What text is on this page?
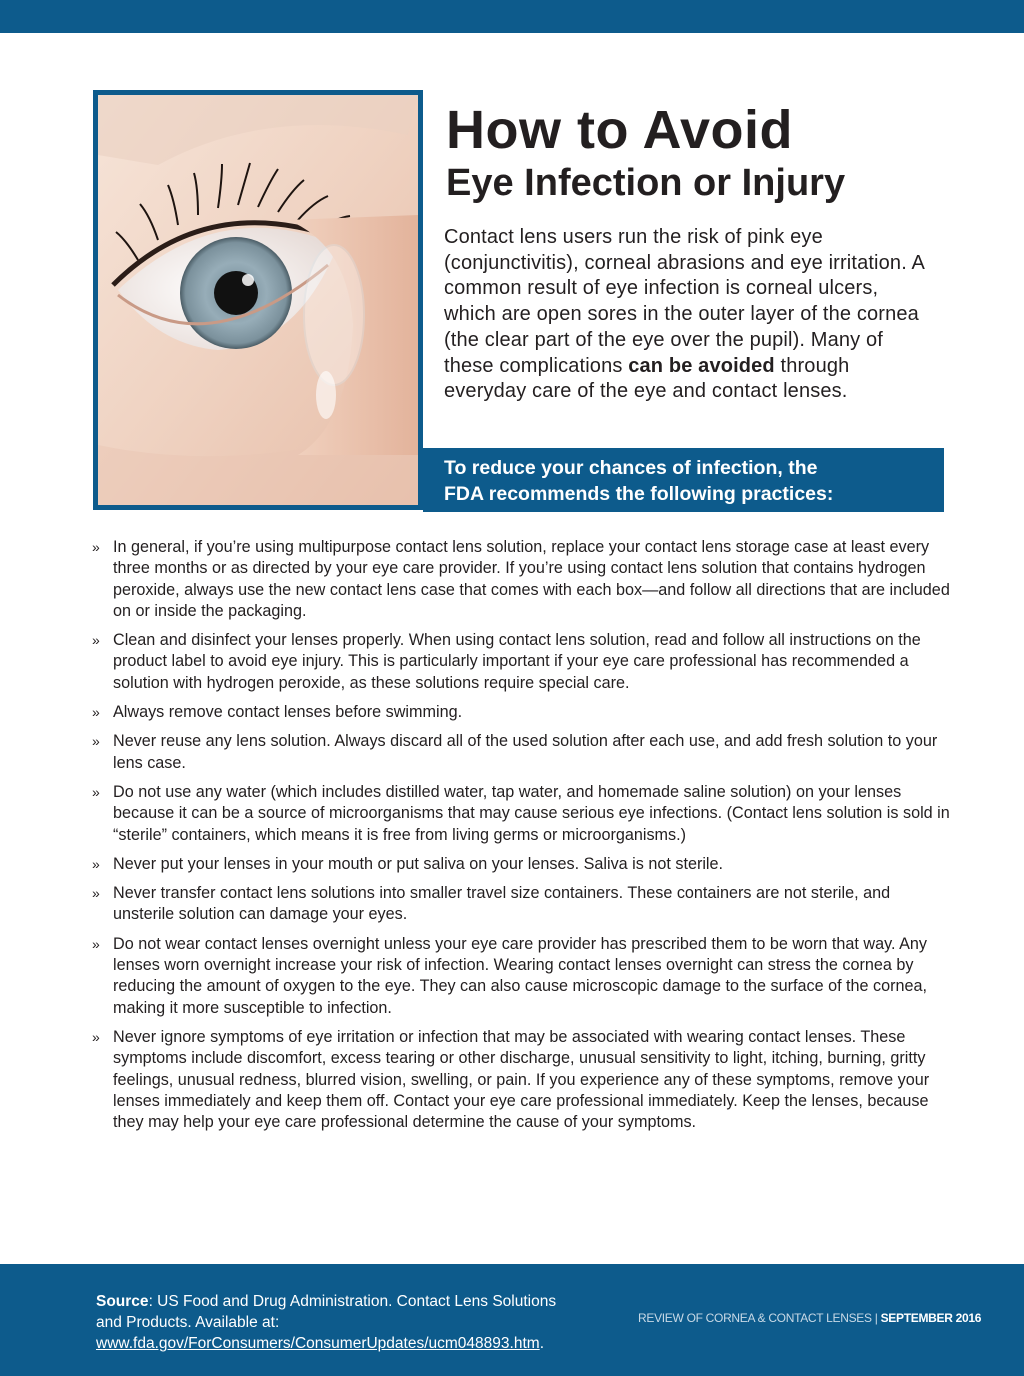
How to Avoid
Eye Infection or Injury

Contact lens users run the risk of pink eye (conjunctivitis), corneal abrasions and eye irritation. A common result of eye infection is corneal ulcers, which are open sores in the outer layer of the cornea (the clear part of the eye over the pupil). Many of these complications can be avoided through everyday care of the eye and contact lenses.

To reduce your chances of infection, the
FDA recommends the following practices:
» In general, if you’re using multipurpose contact lens solution, replace your contact lens storage case at least every three months or as directed by your eye care provider. If you’re using contact lens solution that contains hydrogen peroxide, always use the new contact lens case that comes with each box—and follow all directions that are included on or inside the packaging.
» Clean and disinfect your lenses properly. When using contact lens solution, read and follow all instructions on the product label to avoid eye injury. This is particularly important if your eye care professional has recommended a solution with hydrogen peroxide, as these solutions require special care.
» Always remove contact lenses before swimming.
» Never reuse any lens solution. Always discard all of the used solution after each use, and add fresh solution to your lens case.
» Do not use any water (which includes distilled water, tap water, and homemade saline solution) on your lenses because it can be a source of microorganisms that may cause serious eye infections. (Contact lens solution is sold in “sterile” containers, which means it is free from living germs or microorganisms.)
» Never put your lenses in your mouth or put saliva on your lenses. Saliva is not sterile.
» Never transfer contact lens solutions into smaller travel size containers. These containers are not sterile, and unsterile solution can damage your eyes.
» Do not wear contact lenses overnight unless your eye care provider has prescribed them to be worn that way. Any lenses worn overnight increase your risk of infection. Wearing contact lenses overnight can stress the cornea by reducing the amount of oxygen to the eye. They can also cause microscopic damage to the surface of the cornea, making it more susceptible to infection.
» Never ignore symptoms of eye irritation or infection that may be associated with wearing contact lenses. These symptoms include discomfort, excess tearing or other discharge, unusual sensitivity to light, itching, burning, gritty feelings, unusual redness, blurred vision, swelling, or pain. If you experience any of these symptoms, remove your lenses immediately and keep them off. Contact your eye care professional immediately. Keep the lenses, because they may help your eye care professional determine the cause of your symptoms.

Source: US Food and Drug Administration. Contact Lens Solutions and Products. Available at: www.fda.gov/ForConsumers/ConsumerUpdates/ucm048893.htm.

REVIEW OF CORNEA & CONTACT LENSES | SEPTEMBER 2016
